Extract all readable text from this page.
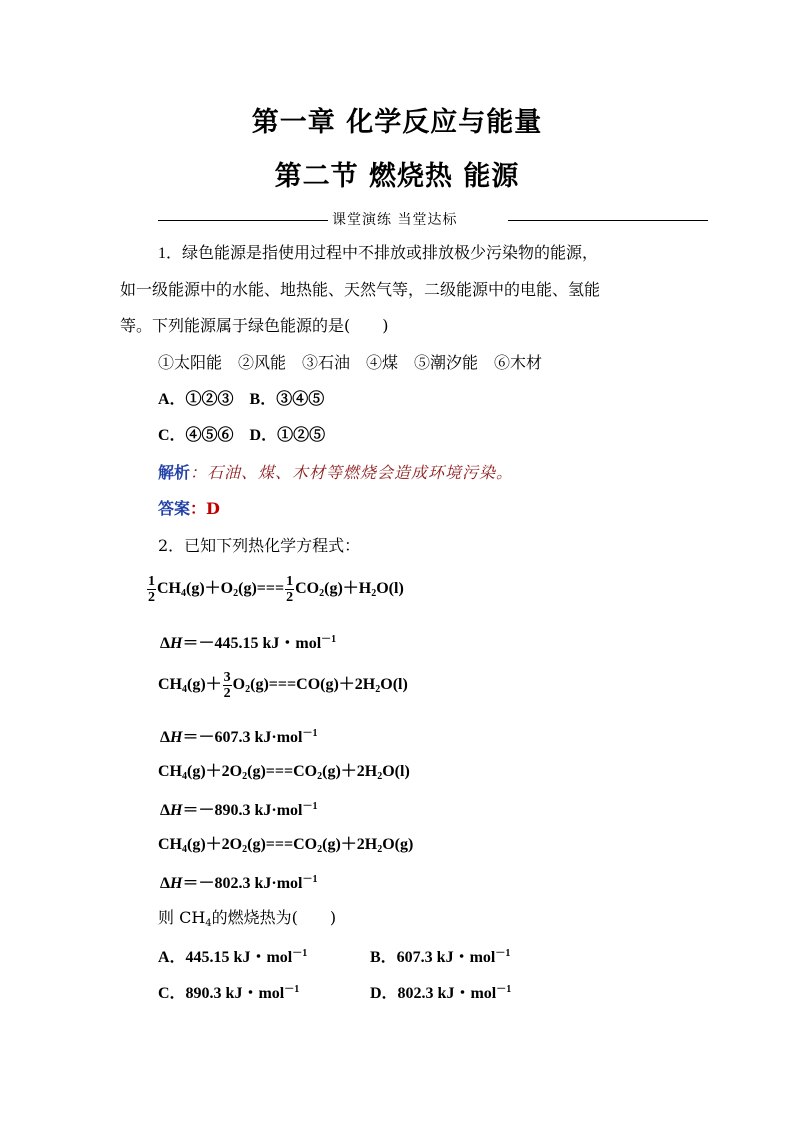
第一章 化学反应与能量
第二节 燃烧热 能源
课堂演练 当堂达标
1．绿色能源是指使用过程中不排放或排放极少污染物的能源，
如一级能源中的水能、地热能、天然气等，二级能源中的电能、氢能
等。下列能源属于绿色能源的是(　　)
①太阳能　②风能　③石油　④煤　⑤潮汐能　⑥木材
A．①②③　B．③④⑤
C．④⑤⑥　D．①②⑤
解析：石油、煤、木材等燃烧会造成环境污染。
答案：D
2．已知下列热化学方程式：
$\frac{1}{2} CH_4(g)+O_2(g)=== \frac{1}{2} CO_2(g)+H_2O(l)$
ΔH＝－445.15 kJ・mol$^{-1}$
$CH_4(g)+ \frac{3}{2} O_2(g)===CO(g)+2H_2O(l)$
ΔH＝－607.3 kJ·mol$^{-1}$
$CH_4(g)+2O_2(g)===CO_2(g)+2H_2O(l)$
ΔH＝－890.3 kJ·mol$^{-1}$
$CH_4(g)+2O_2(g)===CO_2(g)+2H_2O(g)$
ΔH＝－802.3 kJ·mol$^{-1}$
则 $CH_4$的燃烧热为(　　)
A．445.15 kJ・mol$^{-1}$	B．607.3 kJ・mol$^{-1}$
C．890.3 kJ・mol$^{-1}$	D．802.3 kJ・mol$^{-1}$
